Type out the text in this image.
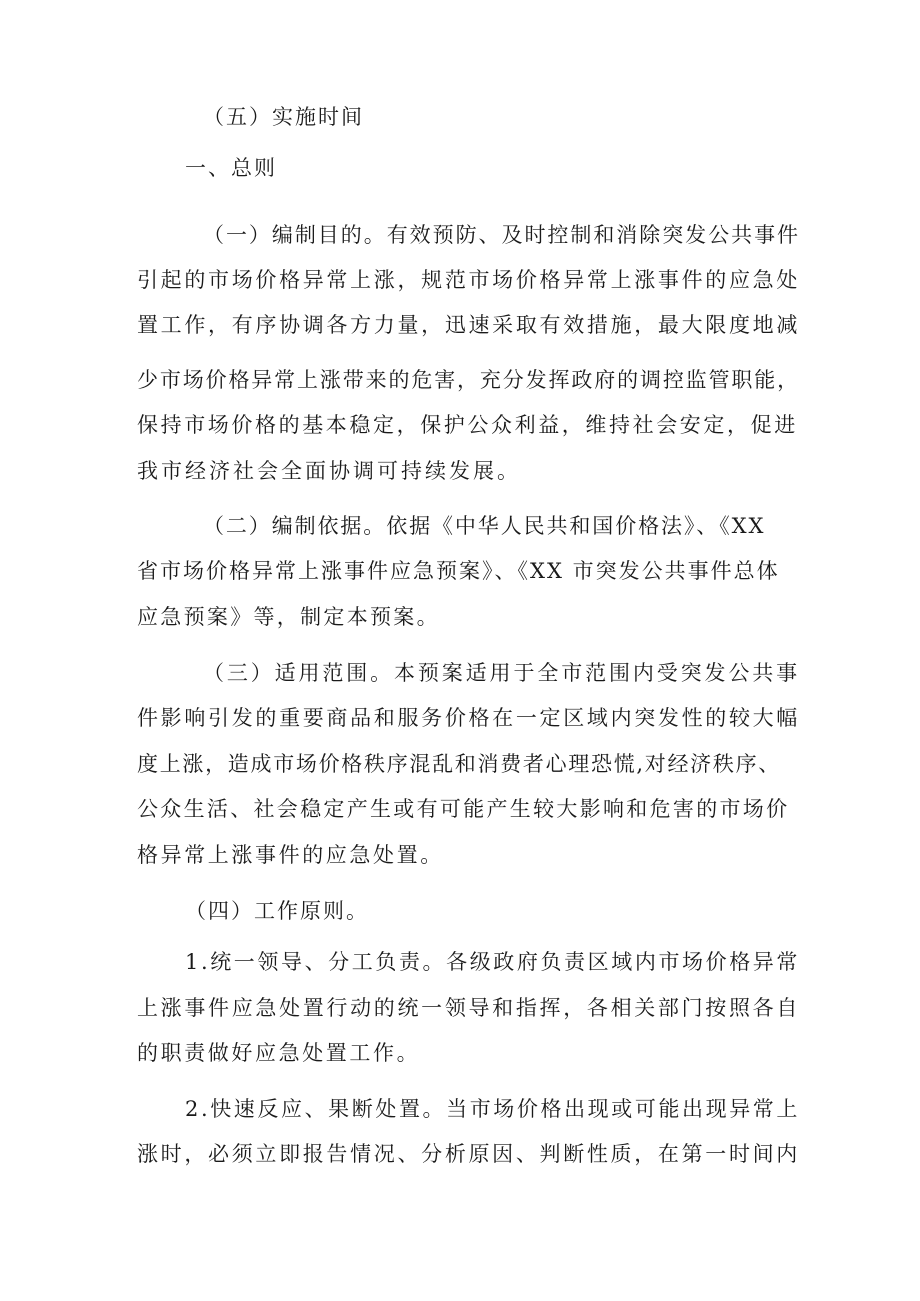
（五）实施时间
一、总则
（一）编制目的。有效预防、及时控制和消除突发公共事件
引起的市场价格异常上涨，规范市场价格异常上涨事件的应急处
置工作，有序协调各方力量，迅速采取有效措施，最大限度地减
少市场价格异常上涨带来的危害，充分发挥政府的调控监管职能，
保持市场价格的基本稳定，保护公众利益，维持社会安定，促进
我市经济社会全面协调可持续发展。
（二）编制依据。依据《中华人民共和国价格法》、《XX
省市场价格异常上涨事件应急预案》、《XX 市突发公共事件总体
应急预案》等，制定本预案。
（三）适用范围。本预案适用于全市范围内受突发公共事
件影响引发的重要商品和服务价格在一定区域内突发性的较大幅
度上涨，造成市场价格秩序混乱和消费者心理恐慌,对经济秩序、
公众生活、社会稳定产生或有可能产生较大影响和危害的市场价
格异常上涨事件的应急处置。
（四）工作原则。
1.统一领导、分工负责。各级政府负责区域内市场价格异常
上涨事件应急处置行动的统一领导和指挥，各相关部门按照各自
的职责做好应急处置工作。
2.快速反应、果断处置。当市场价格出现或可能出现异常上
涨时，必须立即报告情况、分析原因、判断性质，在第一时间内
